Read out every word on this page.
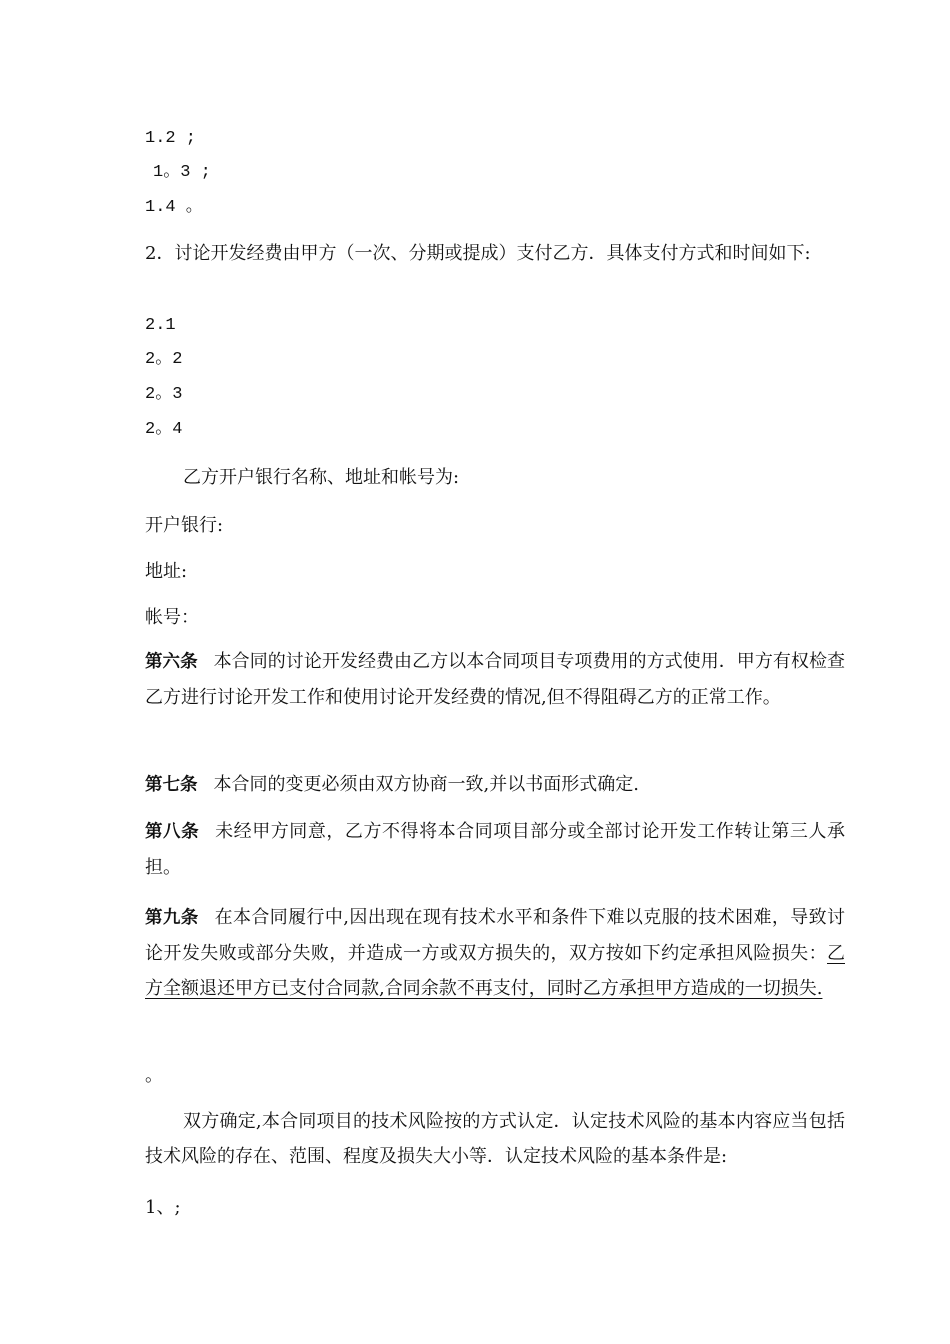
1.2 ;
1。3 ;
1.4 。
2．讨论开发经费由甲方（一次、分期或提成）支付乙方．具体支付方式和时间如下:
2.1
2。2
2。3
2。4
乙方开户银行名称、地址和帐号为:
开户银行:
地址:
帐号：
第六条 本合同的讨论开发经费由乙方以本合同项目专项费用的方式使用．甲方有权检查乙方进行讨论开发工作和使用讨论开发经费的情况,但不得阻碍乙方的正常工作。
第七条 本合同的变更必须由双方协商一致,并以书面形式确定.
第八条 未经甲方同意，乙方不得将本合同项目部分或全部讨论开发工作转让第三人承担。
第九条 在本合同履行中,因出现在现有技术水平和条件下难以克服的技术困难，导致讨论开发失败或部分失败，并造成一方或双方损失的，双方按如下约定承担风险损失：乙方全额退还甲方已支付合同款,合同余款不再支付，同时乙方承担甲方造成的一切损失.
。
双方确定,本合同项目的技术风险按的方式认定．认定技术风险的基本内容应当包括技术风险的存在、范围、程度及损失大小等．认定技术风险的基本条件是:
1、;
